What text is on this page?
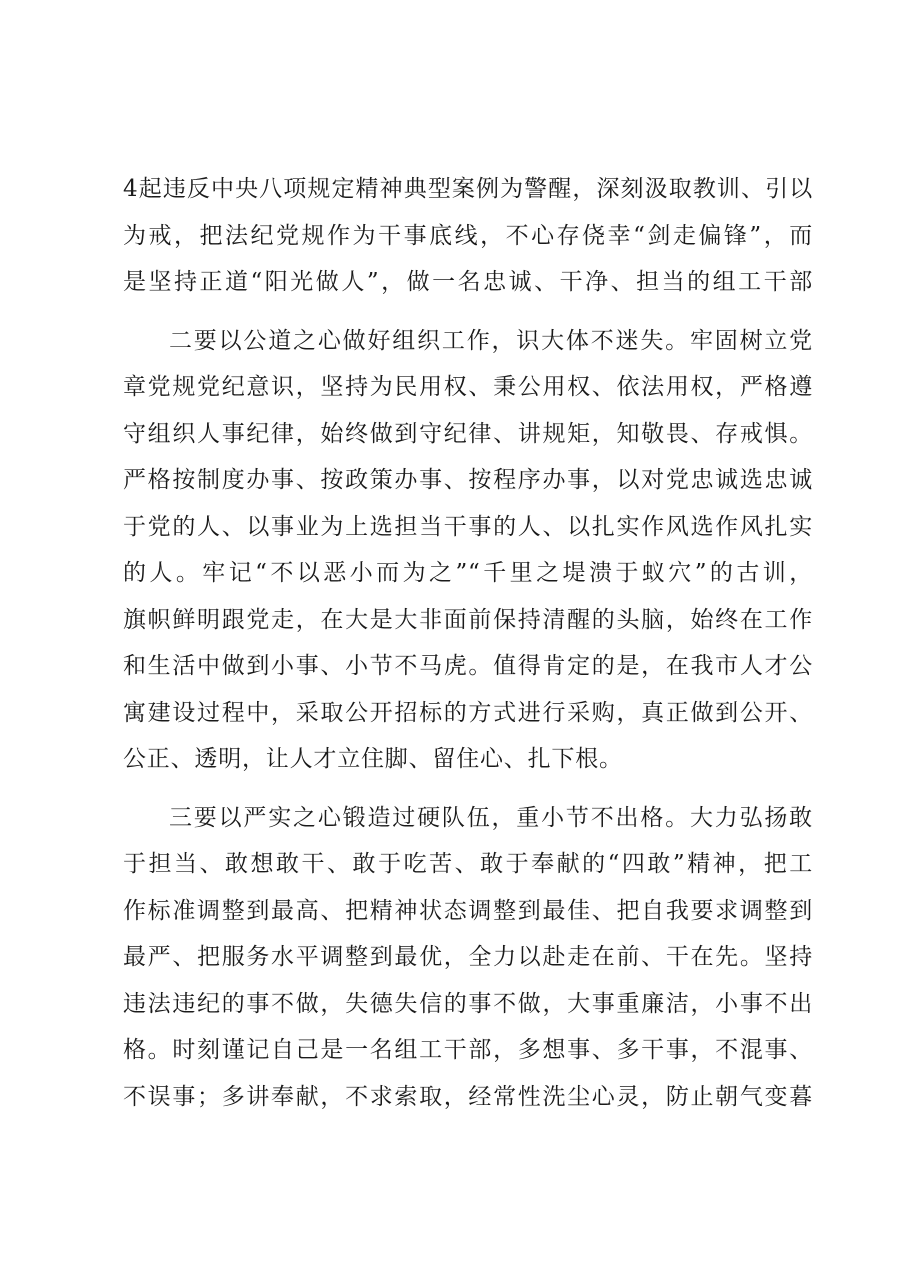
4起违反中央八项规定精神典型案例为警醒，深刻汲取教训、引以
为戒，把法纪党规作为干事底线，不心存侥幸“剑走偏锋”，而
是坚持正道“阳光做人”，做一名忠诚、干净、担当的组工干部
二要以公道之心做好组织工作，识大体不迷失。牢固树立党
章党规党纪意识，坚持为民用权、秉公用权、依法用权，严格遵
守组织人事纪律，始终做到守纪律、讲规矩，知敬畏、存戒惧。
严格按制度办事、按政策办事、按程序办事，以对党忠诚选忠诚
于党的人、以事业为上选担当干事的人、以扎实作风选作风扎实
的人。牢记“不以恶小而为之”“千里之堤溃于蚁穴”的古训，
旗帜鲜明跟党走，在大是大非面前保持清醒的头脑，始终在工作
和生活中做到小事、小节不马虎。值得肯定的是，在我市人才公
寓建设过程中，采取公开招标的方式进行采购，真正做到公开、
公正、透明，让人才立住脚、留住心、扎下根。
三要以严实之心锻造过硬队伍，重小节不出格。大力弘扬敢
于担当、敢想敢干、敢于吃苦、敢于奉献的“四敢”精神，把工
作标准调整到最高、把精神状态调整到最佳、把自我要求调整到
最严、把服务水平调整到最优，全力以赴走在前、干在先。坚持
违法违纪的事不做，失德失信的事不做，大事重廉洁，小事不出
格。时刻谨记自己是一名组工干部，多想事、多干事，不混事、
不误事；多讲奉献，不求索取，经常性洗尘心灵，防止朝气变暮
